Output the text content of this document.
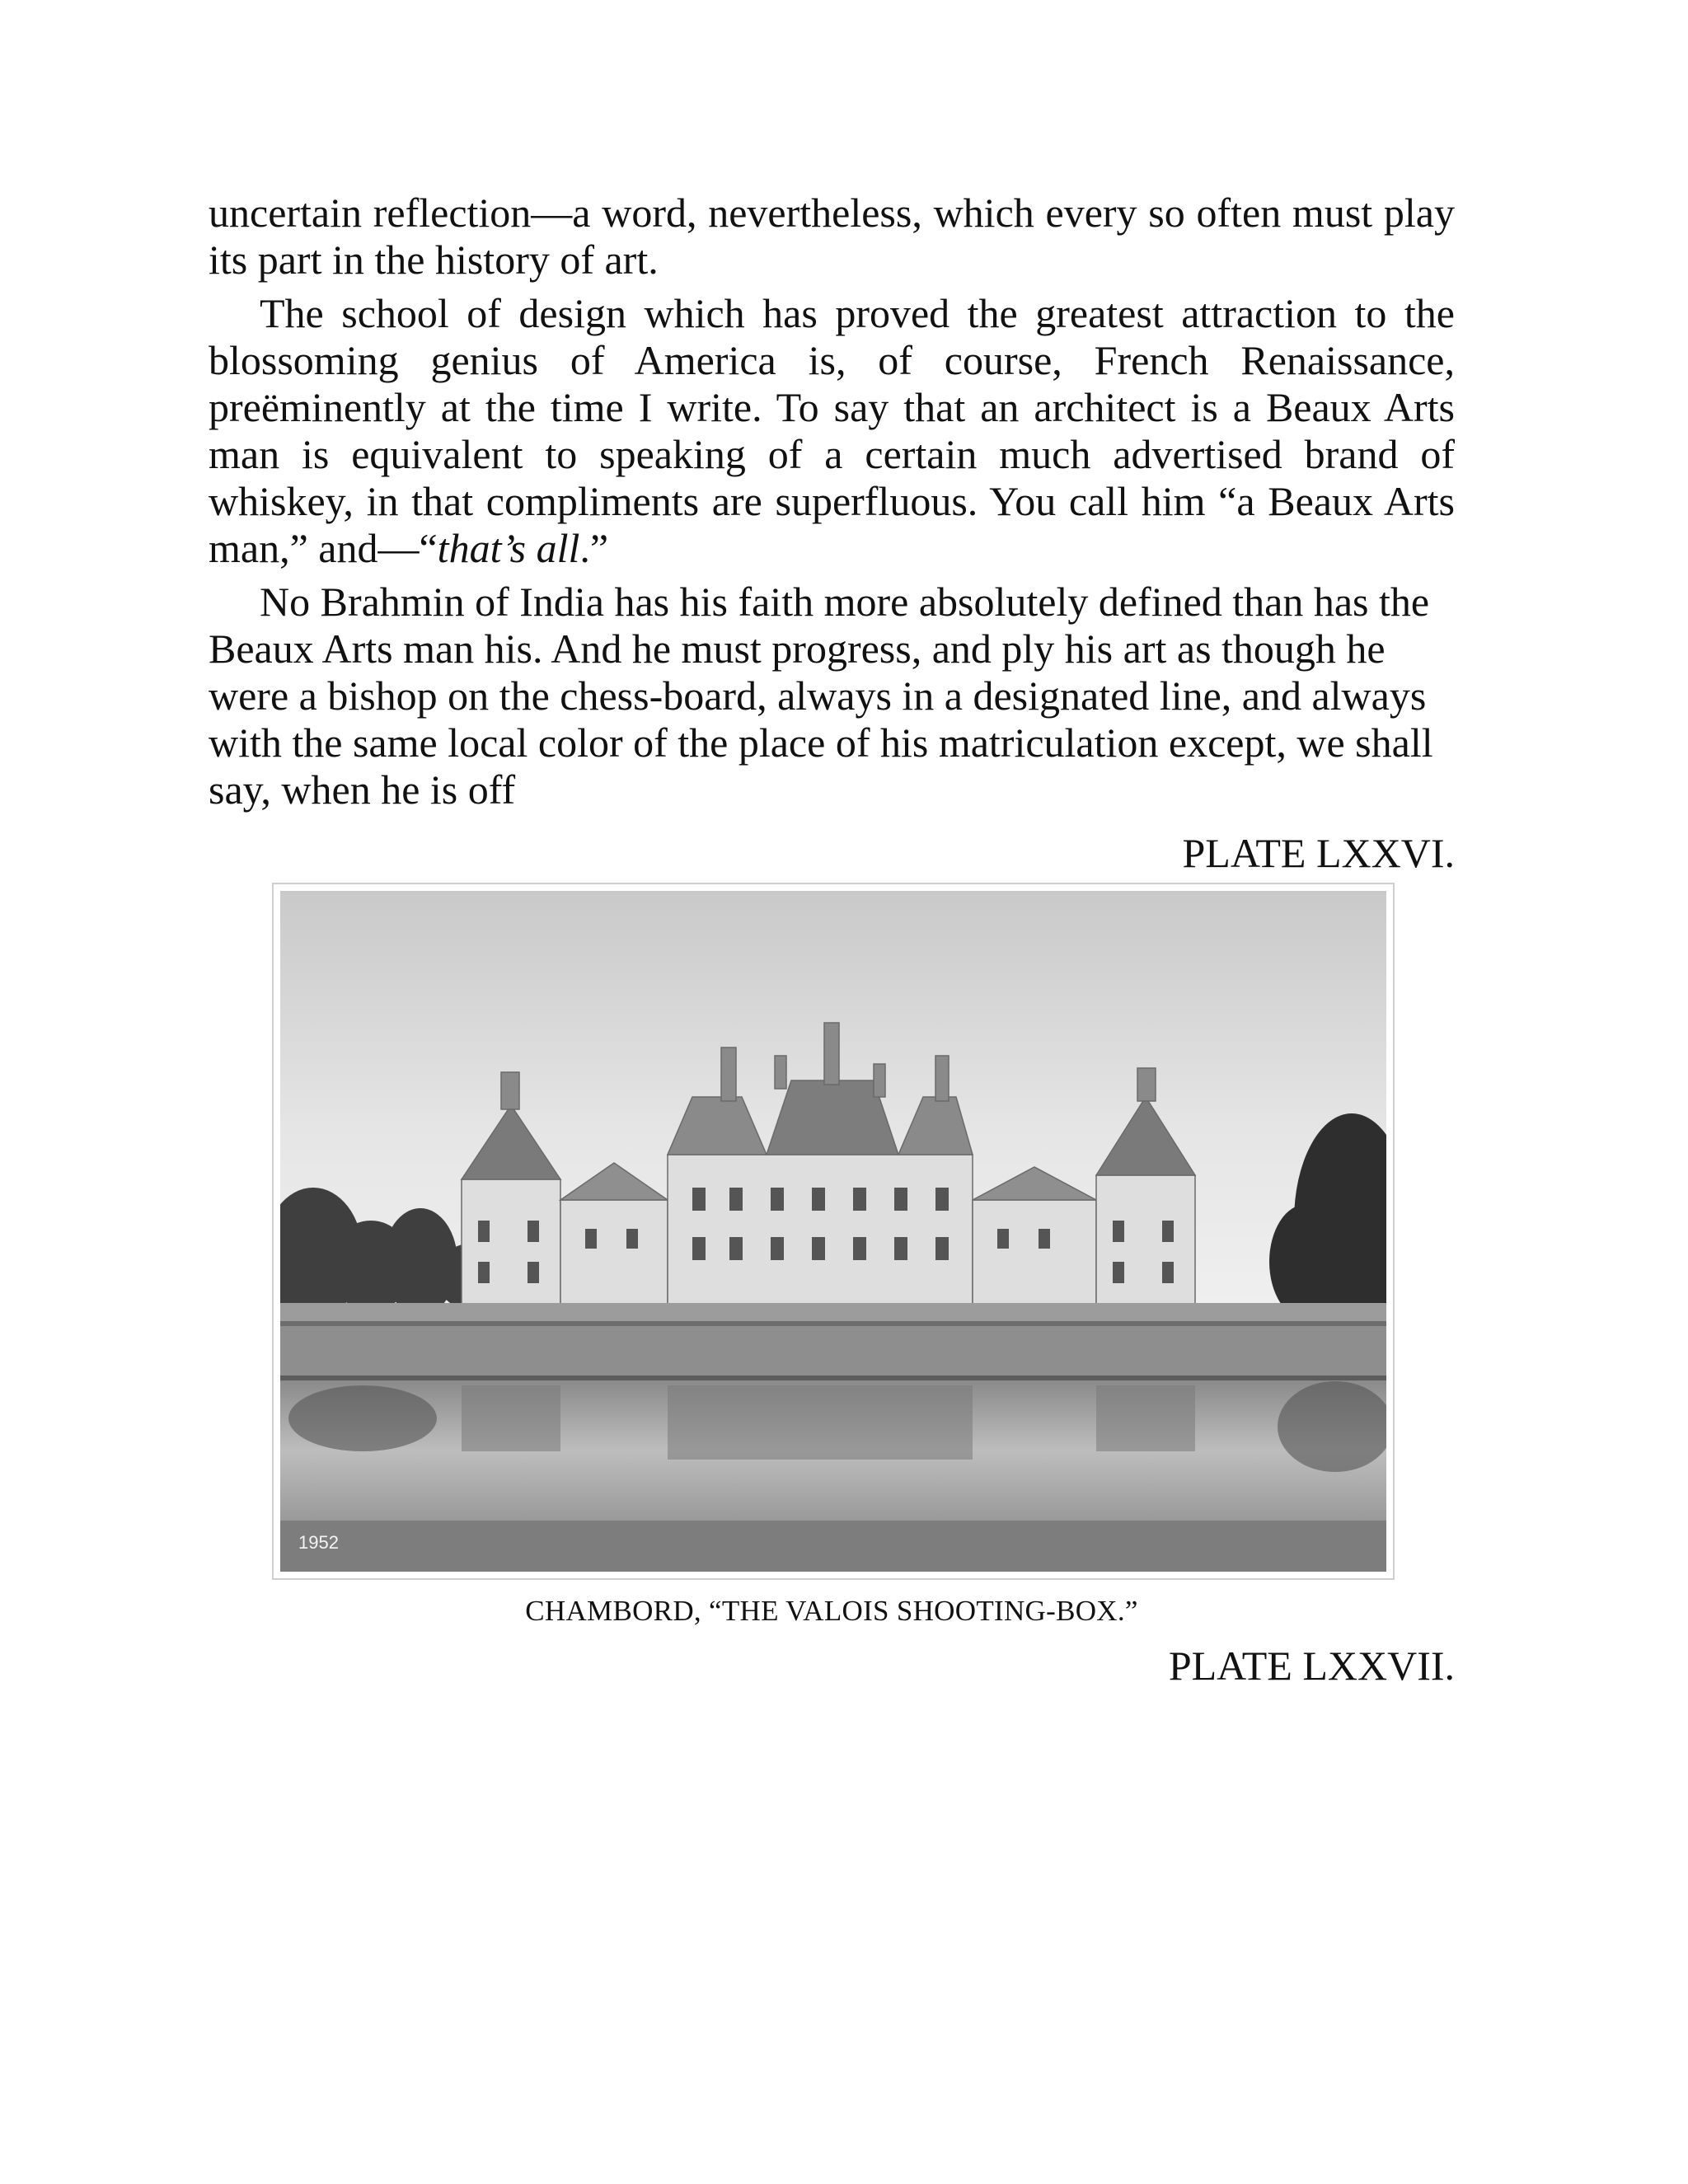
uncertain reflection—a word, nevertheless, which every so often must play its part in the history of art.

The school of design which has proved the greatest attraction to the blossoming genius of America is, of course, French Renaissance, preëminently at the time I write. To say that an architect is a Beaux Arts man is equivalent to speaking of a certain much advertised brand of whiskey, in that compliments are superfluous. You call him “a Beaux Arts man,” and—“that’s all.”

No Brahmin of India has his faith more absolutely defined than has the Beaux Arts man his. And he must progress, and ply his art as though he were a bishop on the chess-board, always in a designated line, and always with the same local color of the place of his matriculation except, we shall say, when he is off

PLATE LXXVI.

1952

CHAMBORD, “THE VALOIS SHOOTING-BOX.”

PLATE LXXVII.
